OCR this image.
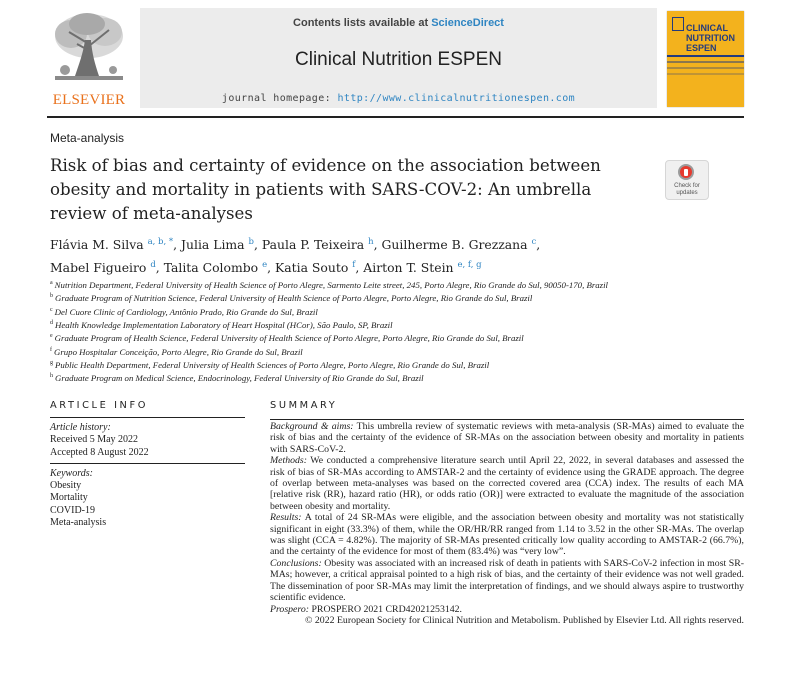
ELSEVIER
Contents lists available at ScienceDirect
Clinical Nutrition ESPEN
journal homepage: http://www.clinicalnutritionespen.com
CLINICAL
NUTRITION
ESPEN
Meta-analysis
Risk of bias and certainty of evidence on the association between obesity and mortality in patients with SARS-COV-2: An umbrella review of meta-analyses
Check for
updates
Flávia M. Silva $^{a, b, *}$, Julia Lima $^b$, Paula P. Teixeira $^h$, Guilherme B. Grezzana $^c$,
Mabel Figueiro $^d$, Talita Colombo $^e$, Katia Souto $^f$, Airton T. Stein $^{e, f, g}$
$^a$ Nutrition Department, Federal University of Health Science of Porto Alegre, Sarmento Leite street, 245, Porto Alegre, Rio Grande do Sul, 90050-170, Brazil
$^b$ Graduate Program of Nutrition Science, Federal University of Health Science of Porto Alegre, Porto Alegre, Rio Grande do Sul, Brazil
$^c$ Del Cuore Clinic of Cardiology, Antônio Prado, Rio Grande do Sul, Brazil
$^d$ Health Knowledge Implementation Laboratory of Heart Hospital (HCor), São Paulo, SP, Brazil
$^e$ Graduate Program of Health Science, Federal University of Health Science of Porto Alegre, Porto Alegre, Rio Grande do Sul, Brazil
$^f$ Grupo Hospitalar Conceição, Porto Alegre, Rio Grande do Sul, Brazil
$^g$ Public Health Department, Federal University of Health Sciences of Porto Alegre, Porto Alegre, Rio Grande do Sul, Brazil
$^h$ Graduate Program on Medical Science, Endocrinology, Federal University of Rio Grande do Sul, Brazil
ARTICLE INFO
Article history:
Received 5 May 2022
Accepted 8 August 2022
Keywords:
Obesity
Mortality
COVID-19
Meta-analysis
SUMMARY

Background & aims: This umbrella review of systematic reviews with meta-analysis (SR-MAs) aimed to evaluate the risk of bias and the certainty of the evidence of SR-MAs on the association between obesity and mortality in patients with SARS-CoV-2.

Methods: We conducted a comprehensive literature search until April 22, 2022, in several databases and assessed the risk of bias of SR-MAs according to AMSTAR-2 and the certainty of evidence using the GRADE approach. The degree of overlap between meta-analyses was based on the corrected covered area (CCA) index. The results of each MA [relative risk (RR), hazard ratio (HR), or odds ratio (OR)] were extracted to evaluate the magnitude of the association between obesity and mortality.

Results: A total of 24 SR-MAs were eligible, and the association between obesity and mortality was not statistically significant in eight (33.3%) of them, while the OR/HR/RR ranged from 1.14 to 3.52 in the other SR-MAs. The overlap was slight (CCA = 4.82%). The majority of SR-MAs presented critically low quality according to AMSTAR-2 (66.7%), and the certainty of the evidence for most of them (83.4%) was “very low”.

Conclusions: Obesity was associated with an increased risk of death in patients with SARS-CoV-2 infection in most SR-MAs; however, a critical appraisal pointed to a high risk of bias, and the certainty of their evidence was not well graded. The dissemination of poor SR-MAs may limit the interpretation of findings, and we should always aspire to trustworthy scientific evidence.

Prospero: PROSPERO 2021 CRD42021253142.

© 2022 European Society for Clinical Nutrition and Metabolism. Published by Elsevier Ltd. All rights reserved.
